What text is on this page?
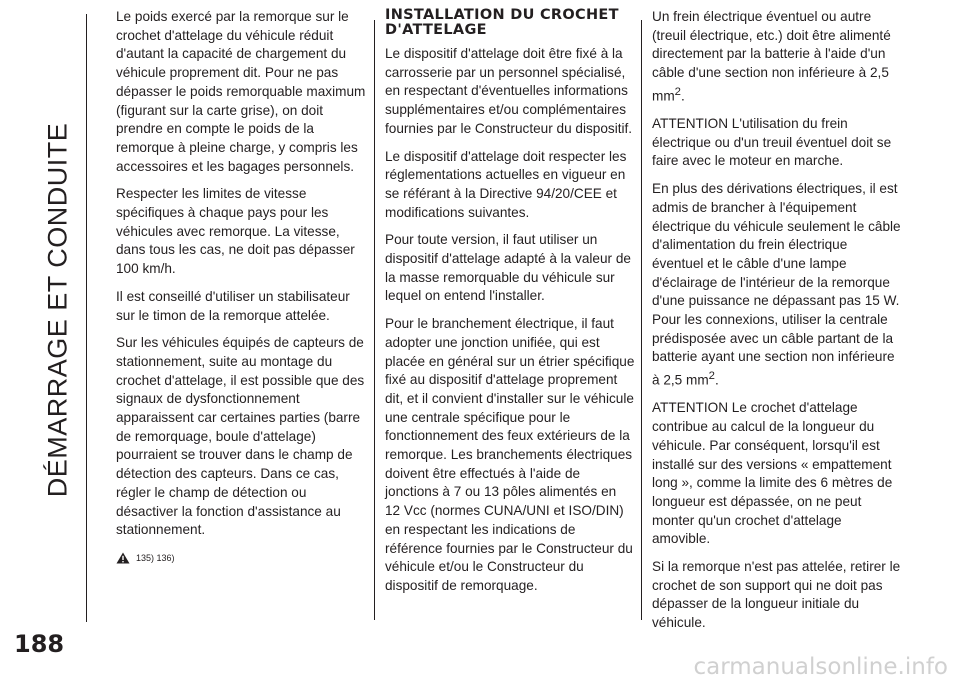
DÉMARRAGE ET CONDUITE
188

Le poids exercé par la remorque sur le crochet d'attelage du véhicule réduit d'autant la capacité de chargement du véhicule proprement dit. Pour ne pas dépasser le poids remorquable maximum (figurant sur la carte grise), on doit prendre en compte le poids de la remorque à pleine charge, y compris les accessoires et les bagages personnels.

Respecter les limites de vitesse spécifiques à chaque pays pour les véhicules avec remorque. La vitesse, dans tous les cas, ne doit pas dépasser 100 km/h.

Il est conseillé d'utiliser un stabilisateur sur le timon de la remorque attelée.

Sur les véhicules équipés de capteurs de stationnement, suite au montage du crochet d'attelage, il est possible que des signaux de dysfonctionnement apparaissent car certaines parties (barre de remorquage, boule d'attelage) pourraient se trouver dans le champ de détection des capteurs. Dans ce cas, régler le champ de détection ou désactiver la fonction d'assistance au stationnement.

135) 136)
INSTALLATION DU CROCHET D'ATTELAGE

Le dispositif d'attelage doit être fixé à la carrosserie par un personnel spécialisé, en respectant d'éventuelles informations supplémentaires et/ou complémentaires fournies par le Constructeur du dispositif.

Le dispositif d'attelage doit respecter les réglementations actuelles en vigueur en se référant à la Directive 94/20/CEE et modifications suivantes.

Pour toute version, il faut utiliser un dispositif d'attelage adapté à la valeur de la masse remorquable du véhicule sur lequel on entend l'installer.

Pour le branchement électrique, il faut adopter une jonction unifiée, qui est placée en général sur un étrier spécifique fixé au dispositif d'attelage proprement dit, et il convient d'installer sur le véhicule une centrale spécifique pour le fonctionnement des feux extérieurs de la remorque. Les branchements électriques doivent être effectués à l'aide de jonctions à 7 ou 13 pôles alimentés en 12 Vcc (normes CUNA/UNI et ISO/DIN) en respectant les indications de référence fournies par le Constructeur du véhicule et/ou le Constructeur du dispositif de remorquage.

Un frein électrique éventuel ou autre (treuil électrique, etc.) doit être alimenté directement par la batterie à l'aide d'un câble d'une section non inférieure à 2,5 $mm^2$.

ATTENTION L'utilisation du frein électrique ou d'un treuil éventuel doit se faire avec le moteur en marche.

En plus des dérivations électriques, il est admis de brancher à l'équipement électrique du véhicule seulement le câble d'alimentation du frein électrique éventuel et le câble d'une lampe d'éclairage de l'intérieur de la remorque d'une puissance ne dépassant pas 15 W. Pour les connexions, utiliser la centrale prédisposée avec un câble partant de la batterie ayant une section non inférieure à 2,5 $mm^2$.

ATTENTION Le crochet d'attelage contribue au calcul de la longueur du véhicule. Par conséquent, lorsqu'il est installé sur des versions « empattement long », comme la limite des 6 mètres de longueur est dépassée, on ne peut monter qu'un crochet d'attelage amovible.

Si la remorque n'est pas attelée, retirer le crochet de son support qui ne doit pas dépasser de la longueur initiale du véhicule.

carmanualsonline.info
